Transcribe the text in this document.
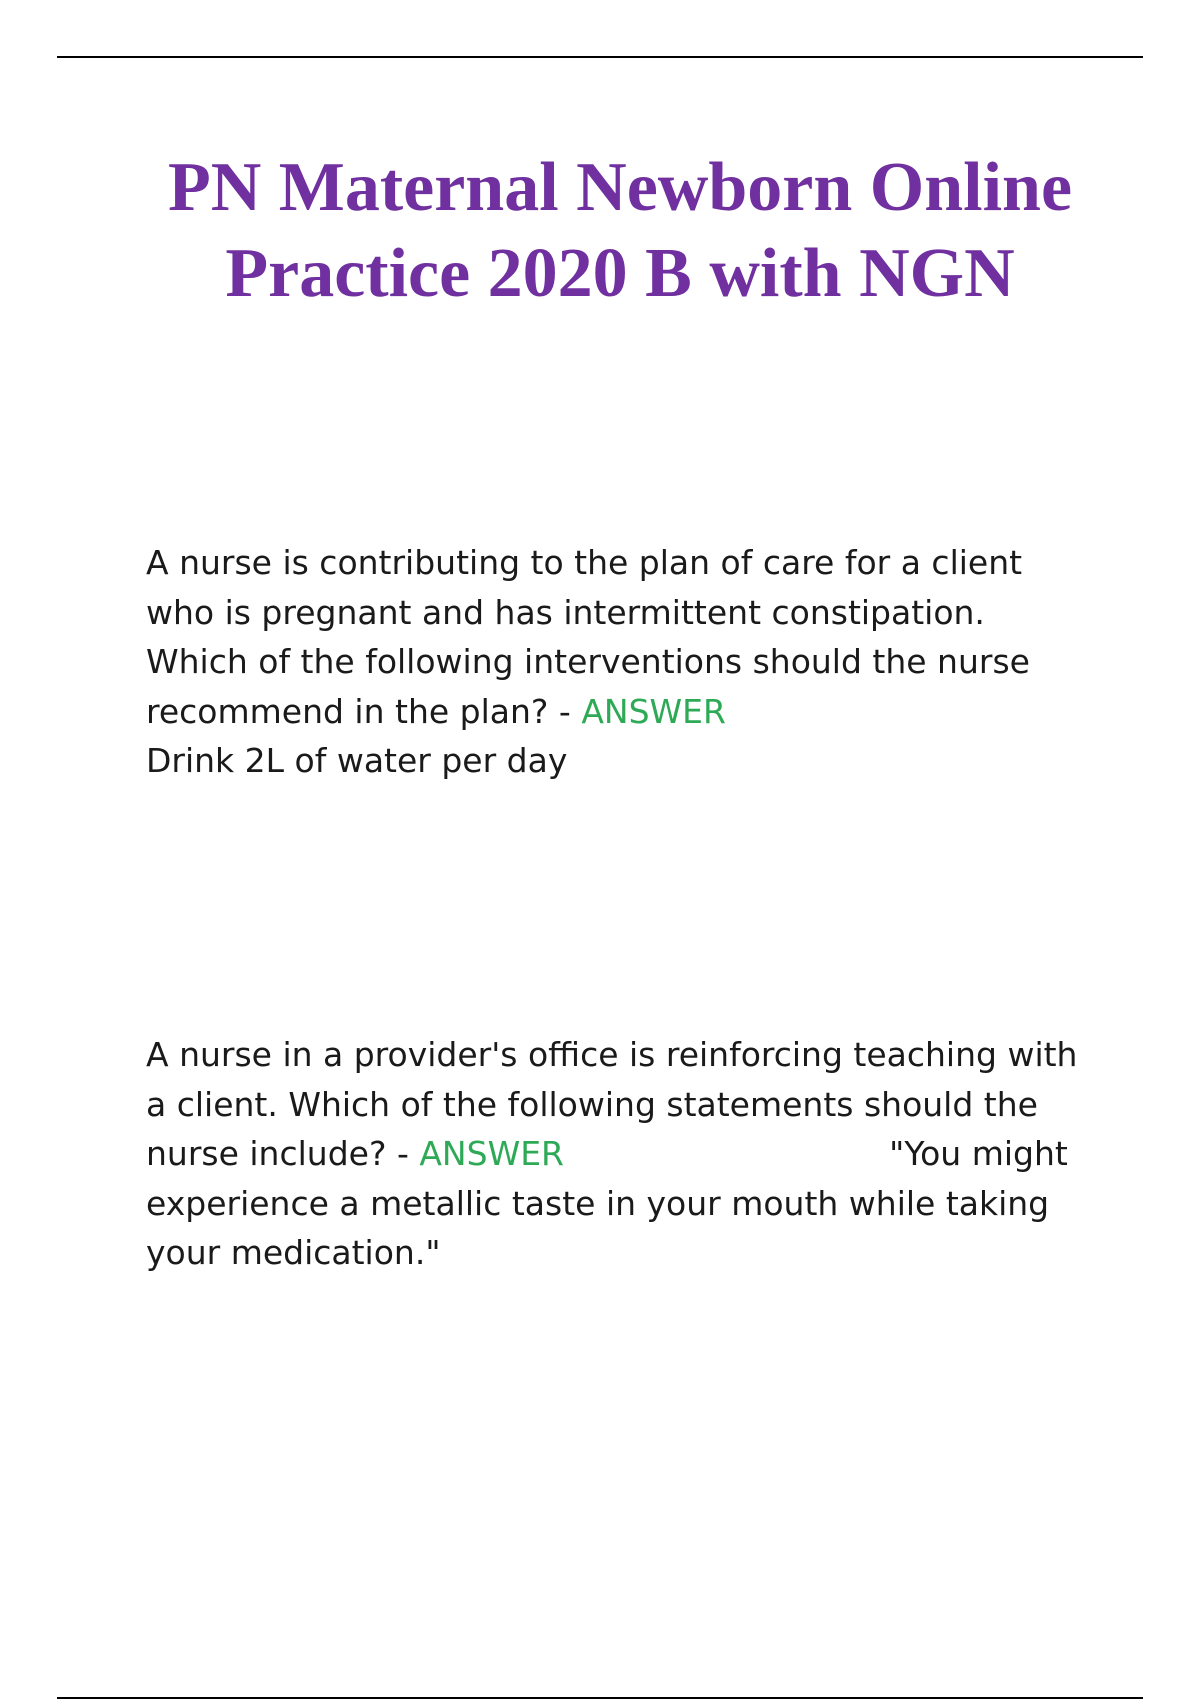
PN Maternal Newborn Online
Practice 2020 B with NGN

A nurse is contributing to the plan of care for a client
who is pregnant and has intermittent constipation.
Which of the following interventions should the nurse
recommend in the plan? - ANSWER
Drink 2L of water per day

A nurse in a provider's office is reinforcing teaching with
a client. Which of the following statements should the
nurse include? - ANSWER	"You might
experience a metallic taste in your mouth while taking
your medication."
